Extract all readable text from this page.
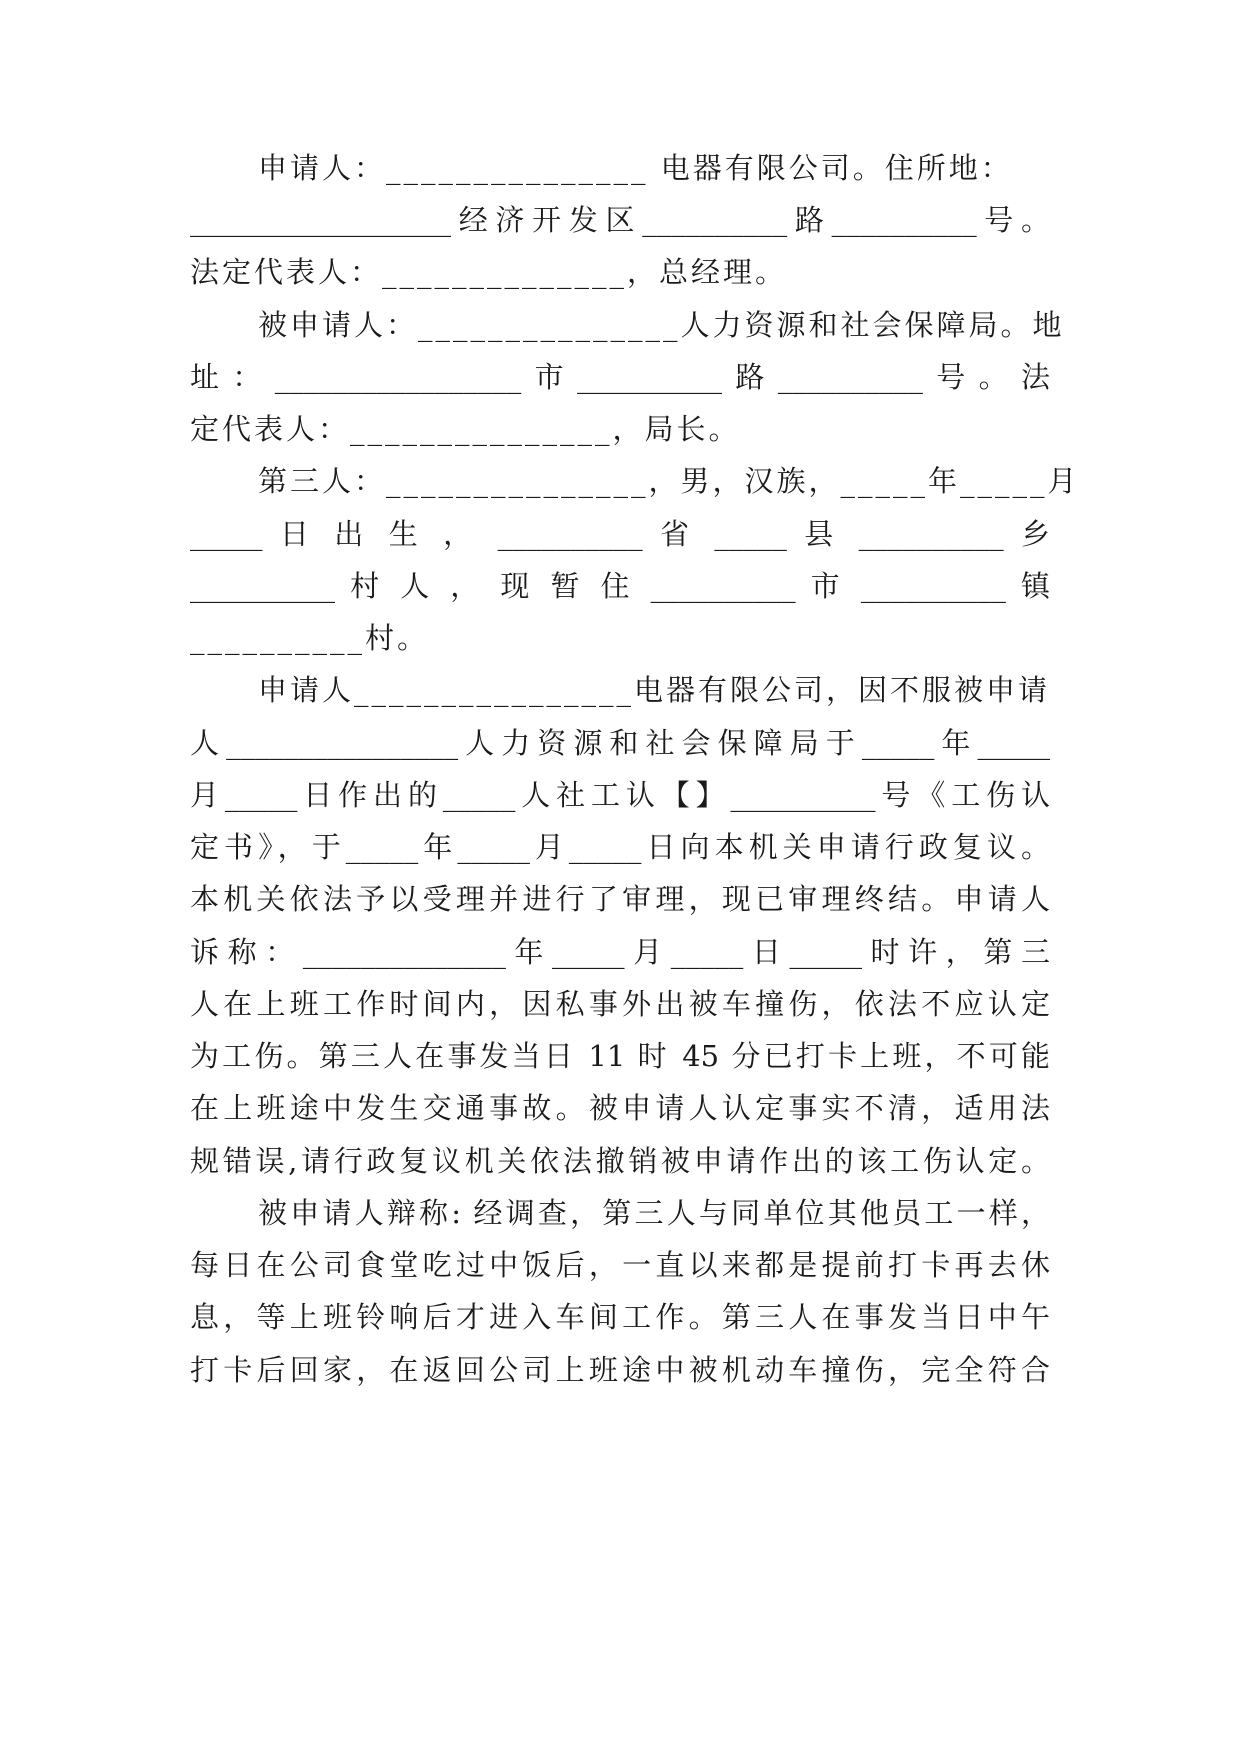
申请人：_______________ 电器有限公司。住所地：
__________________经济开发区__________路__________号。
法定代表人：______________，总经理。
被申请人：_______________人力资源和社会保障局。地
址：_________________市__________路__________号。法
定代表人：_______________，局长。
第三人：_______________，男，汉族，_____年_____月
_____ 日 出 生 ， __________ 省 _____ 县 __________ 乡
__________ 村 人 ， 现 暂 住 __________ 市 __________ 镇
__________村。
申请人________________电器有限公司，因不服被申请
人________________人力资源和社会保障局于_____年_____
月_____日作出的_____人社工认【】__________号《工伤认
定书》，于_____年_____月_____日向本机关申请行政复议。
本机关依法予以受理并进行了审理，现已审理终结。申请人
诉称：______________年_____月_____日_____时许，第三
人在上班工作时间内，因私事外出被车撞伤，依法不应认定
为工伤。第三人在事发当日 11 时 45 分已打卡上班，不可能
在上班途中发生交通事故。被申请人认定事实不清，适用法
规错误,请行政复议机关依法撤销被申请作出的该工伤认定。
被申请人辩称: 经调查，第三人与同单位其他员工一样，
每日在公司食堂吃过中饭后，一直以来都是提前打卡再去休
息，等上班铃响后才进入车间工作。第三人在事发当日中午
打卡后回家，在返回公司上班途中被机动车撞伤，完全符合
